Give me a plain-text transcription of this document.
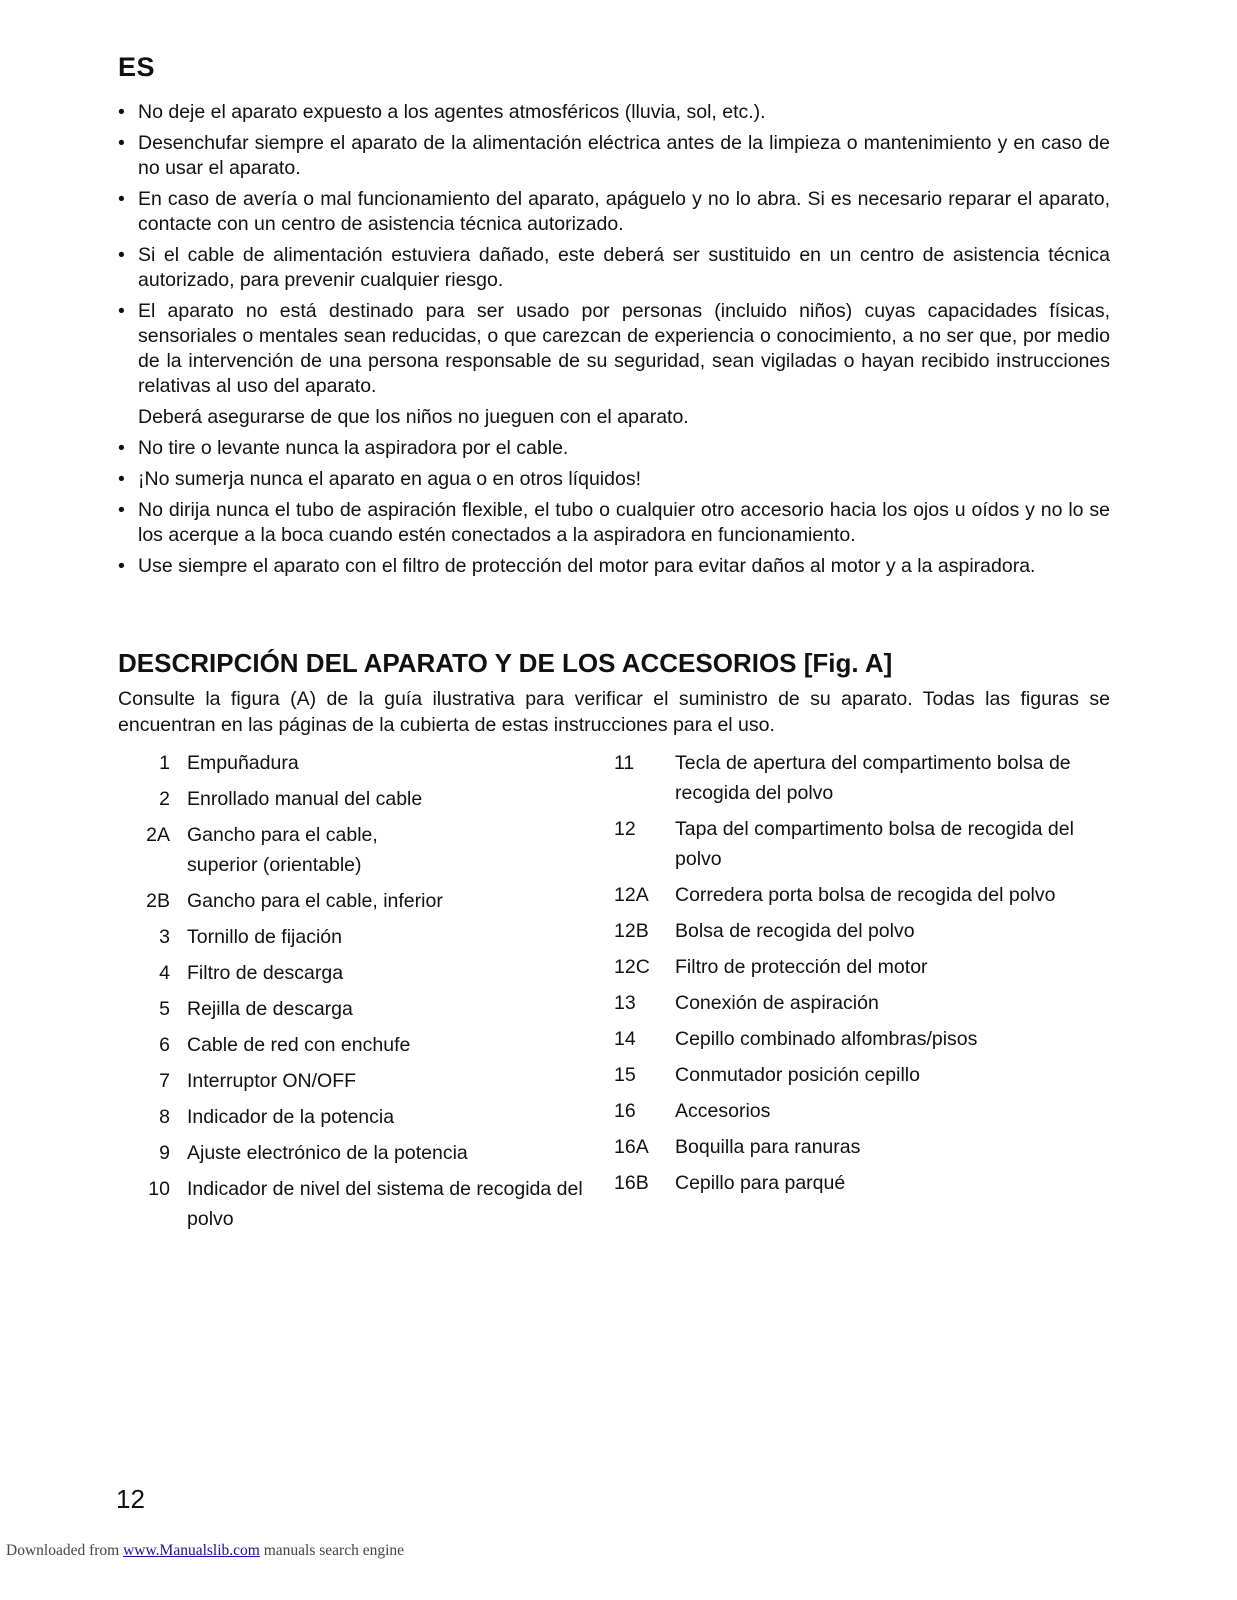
ES
• No deje el aparato expuesto a los agentes atmosféricos (lluvia, sol, etc.).
• Desenchufar siempre el aparato de la alimentación eléctrica antes de la limpieza o mantenimiento y en caso de no usar el aparato.
• En caso de avería o mal funcionamiento del aparato, apáguelo y no lo abra. Si es necesario reparar el aparato, contacte con un centro de asistencia técnica autorizado.
• Si el cable de alimentación estuviera dañado, este deberá ser sustituido en un centro de asistencia técnica autorizado, para prevenir cualquier riesgo.
• El aparato no está destinado para ser usado por personas (incluido niños) cuyas capacidades físicas, sensoriales o mentales sean reducidas, o que carezcan de experiencia o conocimiento, a no ser que, por medio de la intervención de una persona responsable de su seguridad, sean vigiladas o hayan recibido instrucciones relativas al uso del aparato.
Deberá asegurarse de que los niños no jueguen con el aparato.
• No tire o levante nunca la aspiradora por el cable.
• ¡No sumerja nunca el aparato en agua o en otros líquidos!
• No dirija nunca el tubo de aspiración flexible, el tubo o cualquier otro accesorio hacia los ojos u oídos y no lo se los acerque a la boca cuando estén conectados a la aspiradora en funcionamiento.
• Use siempre el aparato con el filtro de protección del motor para evitar daños al motor y a la aspiradora.
DESCRIPCIÓN DEL APARATO Y DE LOS ACCESORIOS [Fig. A]

Consulte la figura (A) de la guía ilustrativa para verificar el suministro de su aparato. Todas las figuras se encuentran en las páginas de la cubierta de estas instrucciones para el uso.

1 Empuñadura
2 Enrollado manual del cable
2A Gancho para el cable,
superior (orientable)
2B Gancho para el cable, inferior
3 Tornillo de fijación
4 Filtro de descarga
5 Rejilla de descarga
6 Cable de red con enchufe
7 Interruptor ON/OFF
8 Indicador de la potencia
9 Ajuste electrónico de la potencia
10 Indicador de nivel del sistema de recogida del polvo
11	Tecla de apertura del compartimento bolsa de recogida del polvo
12	Tapa del compartimento bolsa de recogida del polvo
12A	Corredera porta bolsa de recogida del polvo
12B	Bolsa de recogida del polvo
12C	Filtro de protección del motor
13	Conexión de aspiración
14	Cepillo combinado alfombras/pisos
15	Conmutador posición cepillo
16	Accesorios
16A	Boquilla para ranuras
16B	Cepillo para parqué
12
Downloaded from www.Manualslib.com manuals search engine
